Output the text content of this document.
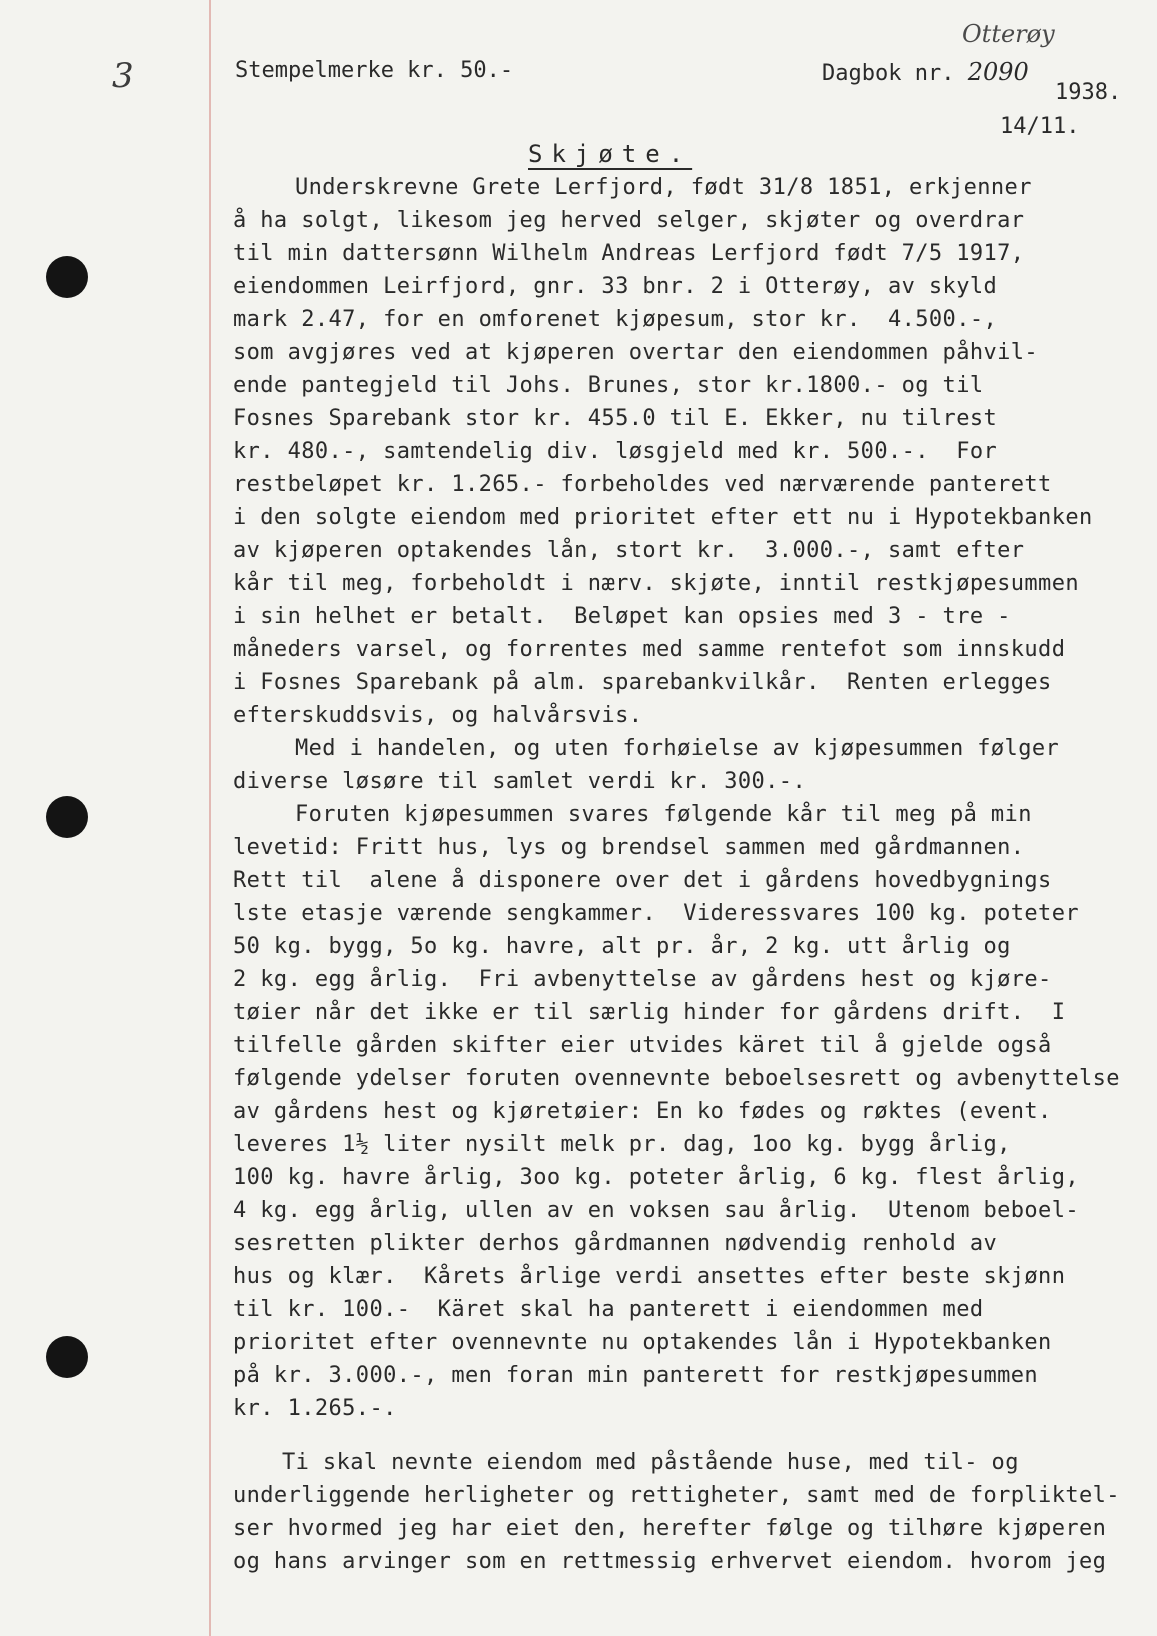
3
Otterøy
Stempelmerke kr. 50.-	Dagbok nr. 2090
1938.
14/11.
Skjøte.
Underskrevne Grete Lerfjord, født 31/8 1851, erkjenner
å ha solgt, likesom jeg herved selger, skjøter og overdrar
til min dattersønn Wilhelm Andreas Lerfjord født 7/5 1917,
eiendommen Leirfjord, gnr. 33 bnr. 2 i Otterøy, av skyld
mark 2.47, for en omforenet kjøpesum, stor kr.  4.500.-,
som avgjøres ved at kjøperen overtar den eiendommen påhvil-
ende pantegjeld til Johs. Brunes, stor kr.1800.- og til
Fosnes Sparebank stor kr. 455.0 til E. Ekker, nu tilrest
kr. 480.-, samtendelig div. løsgjeld med kr. 500.-.  For
restbeløpet kr. 1.265.- forbeholdes ved nærværende panterett
i den solgte eiendom med prioritet efter ett nu i Hypotekbanken
av kjøperen optakendes lån, stort kr.  3.000.-, samt efter
kår til meg, forbeholdt i nærv. skjøte, inntil restkjøpesummen
i sin helhet er betalt.  Beløpet kan opsies med 3 - tre -
måneders varsel, og forrentes med samme rentefot som innskudd
i Fosnes Sparebank på alm. sparebankvilkår.  Renten erlegges
efterskuddsvis, og halvårsvis.
Med i handelen, og uten forhøielse av kjøpesummen følger
diverse løsøre til samlet verdi kr. 300.-.
Foruten kjøpesummen svares følgende kår til meg på min
levetid: Fritt hus, lys og brendsel sammen med gårdmannen.
Rett til  alene å disponere over det i gårdens hovedbygnings
lste etasje værende sengkammer.  Videressvares 100 kg. poteter
50 kg. bygg, 5o kg. havre, alt pr. år, 2 kg. utt årlig og
2 kg. egg årlig.  Fri avbenyttelse av gårdens hest og kjøre-
tøier når det ikke er til særlig hinder for gårdens drift.  I
tilfelle gården skifter eier utvides käret til å gjelde også
følgende ydelser foruten ovennevnte beboelsesrett og avbenyttelse
av gårdens hest og kjøretøier: En ko fødes og røktes (event.
leveres 1½ liter nysilt melk pr. dag, 1oo kg. bygg årlig,
100 kg. havre årlig, 3oo kg. poteter årlig, 6 kg. flest årlig,
4 kg. egg årlig, ullen av en voksen sau årlig.  Utenom beboel-
sesretten plikter derhos gårdmannen nødvendig renhold av
hus og klær.  Kårets årlige verdi ansettes efter beste skjønn
til kr. 100.-  Käret skal ha panterett i eiendommen med
prioritet efter ovennevnte nu optakendes lån i Hypotekbanken
på kr. 3.000.-, men foran min panterett for restkjøpesummen
kr. 1.265.-.
Ti skal nevnte eiendom med påstående huse, med til- og
underliggende herligheter og rettigheter, samt med de forpliktel-
ser hvormed jeg har eiet den, herefter følge og tilhøre kjøperen
og hans arvinger som en rettmessig erhvervet eiendom. hvorom jeg
